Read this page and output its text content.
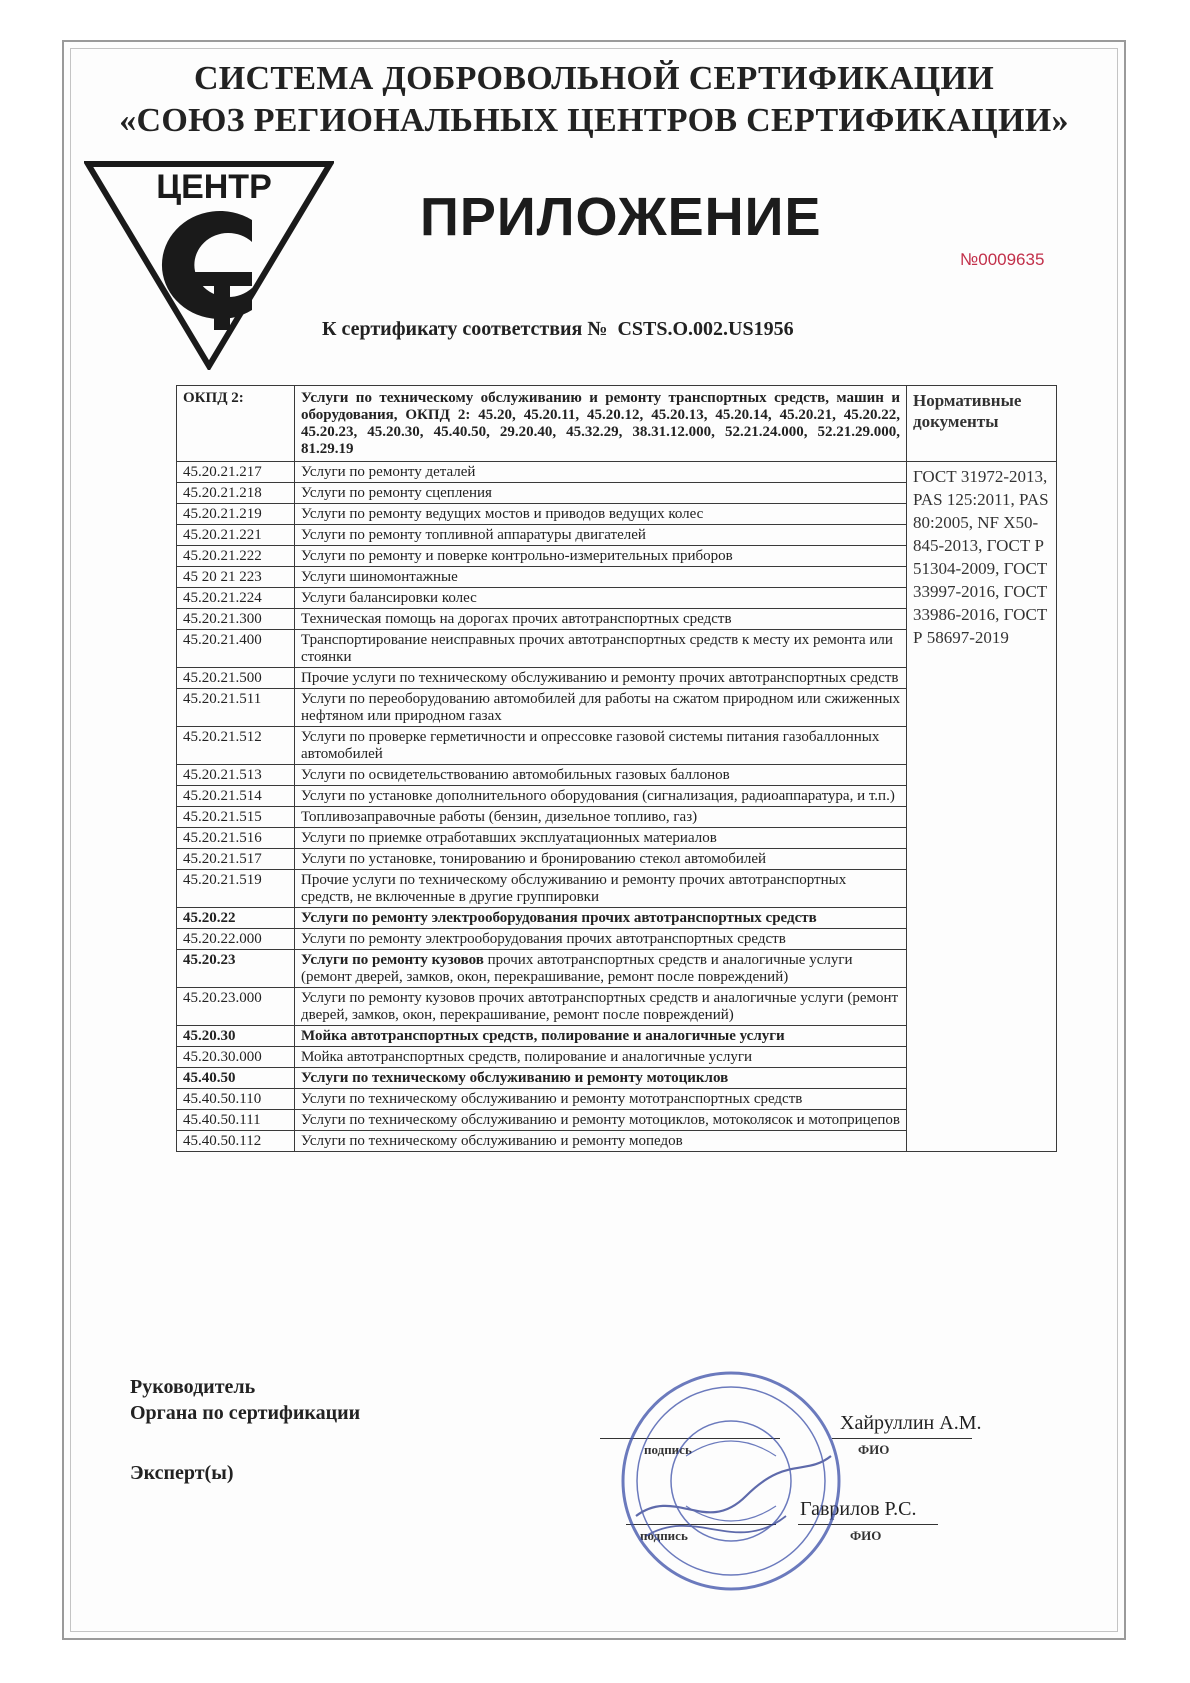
СИСТЕМА ДОБРОВОЛЬНОЙ СЕРТИФИКАЦИИ
«СОЮЗ РЕГИОНАЛЬНЫХ ЦЕНТРОВ СЕРТИФИКАЦИИ»
ЦЕНТР	ПРИЛОЖЕНИЕ
№0009635
К сертификату соответствия № CSTS.O.002.US1956
ОКПД 2:	Услуги по техническому обслуживанию и ремонту транспортных средств, машин и оборудования, ОКПД 2: 45.20, 45.20.11, 45.20.12, 45.20.13, 45.20.14, 45.20.21, 45.20.22, 45.20.23, 45.20.30, 45.40.50, 29.20.40, 45.32.29, 38.31.12.000, 52.21.24.000, 52.21.29.000, 81.29.19	Нормативные документы
45.20.21.217	Услуги по ремонту деталей	ГОСТ 31972-2013, PAS 125:2011, PAS 80:2005, NF X50-845-2013, ГОСТ Р 51304-2009, ГОСТ 33997-2016, ГОСТ 33986-2016, ГОСТ Р 58697-2019
45.20.21.218	Услуги по ремонту сцепления	
45.20.21.219	Услуги по ремонту ведущих мостов и приводов ведущих колес	
45.20.21.221	Услуги по ремонту топливной аппаратуры двигателей	
45.20.21.222	Услуги по ремонту и поверке контрольно-измерительных приборов	
45 20 21 223	Услуги шиномонтажные	
45.20.21.224	Услуги балансировки колес	
45.20.21.300	Техническая помощь на дорогах прочих автотранспортных средств	
45.20.21.400	Транспортирование неисправных прочих автотранспортных средств к месту их ремонта или стоянки	
45.20.21.500	Прочие услуги по техническому обслуживанию и ремонту прочих автотранспортных средств	
45.20.21.511	Услуги по переоборудованию автомобилей для работы на сжатом природном или сжиженных нефтяном или природном газах	
45.20.21.512	Услуги по проверке герметичности и опрессовке газовой системы питания газобаллонных автомобилей	
45.20.21.513	Услуги по освидетельствованию автомобильных газовых баллонов	
45.20.21.514	Услуги по установке дополнительного оборудования (сигнализация, радиоаппаратура, и т.п.)	
45.20.21.515	Топливозаправочные работы (бензин, дизельное топливо, газ)	
45.20.21.516	Услуги по приемке отработавших эксплуатационных материалов	
45.20.21.517	Услуги по установке, тонированию и бронированию стекол автомобилей	
45.20.21.519	Прочие услуги по техническому обслуживанию и ремонту прочих автотранспортных средств, не включенные в другие группировки	
45.20.22	Услуги по ремонту электрооборудования прочих автотранспортных средств	
45.20.22.000	Услуги по ремонту электрооборудования прочих автотранспортных средств	
45.20.23	Услуги по ремонту кузовов прочих автотранспортных средств и аналогичные услуги (ремонт дверей, замков, окон, перекрашивание, ремонт после повреждений)	
45.20.23.000	Услуги по ремонту кузовов прочих автотранспортных средств и аналогичные услуги (ремонт дверей, замков, окон, перекрашивание, ремонт после повреждений)	
45.20.30	Мойка автотранспортных средств, полирование и аналогичные услуги	
45.20.30.000	Мойка автотранспортных средств, полирование и аналогичные услуги	
45.40.50	Услуги по техническому обслуживанию и ремонту мотоциклов	
45.40.50.110	Услуги по техническому обслуживанию и ремонту мототранспортных средств	
45.40.50.111	Услуги по техническому обслуживанию и ремонту мотоциклов, мотоколясок и мотоприцепов	
45.40.50.112	Услуги по техническому обслуживанию и ремонту мопедов	
Руководитель
Органа по сертификации
подпись
Хайруллин А.М.
ФИО
Эксперт(ы)
подпись
Гаврилов Р.С.
ФИО
